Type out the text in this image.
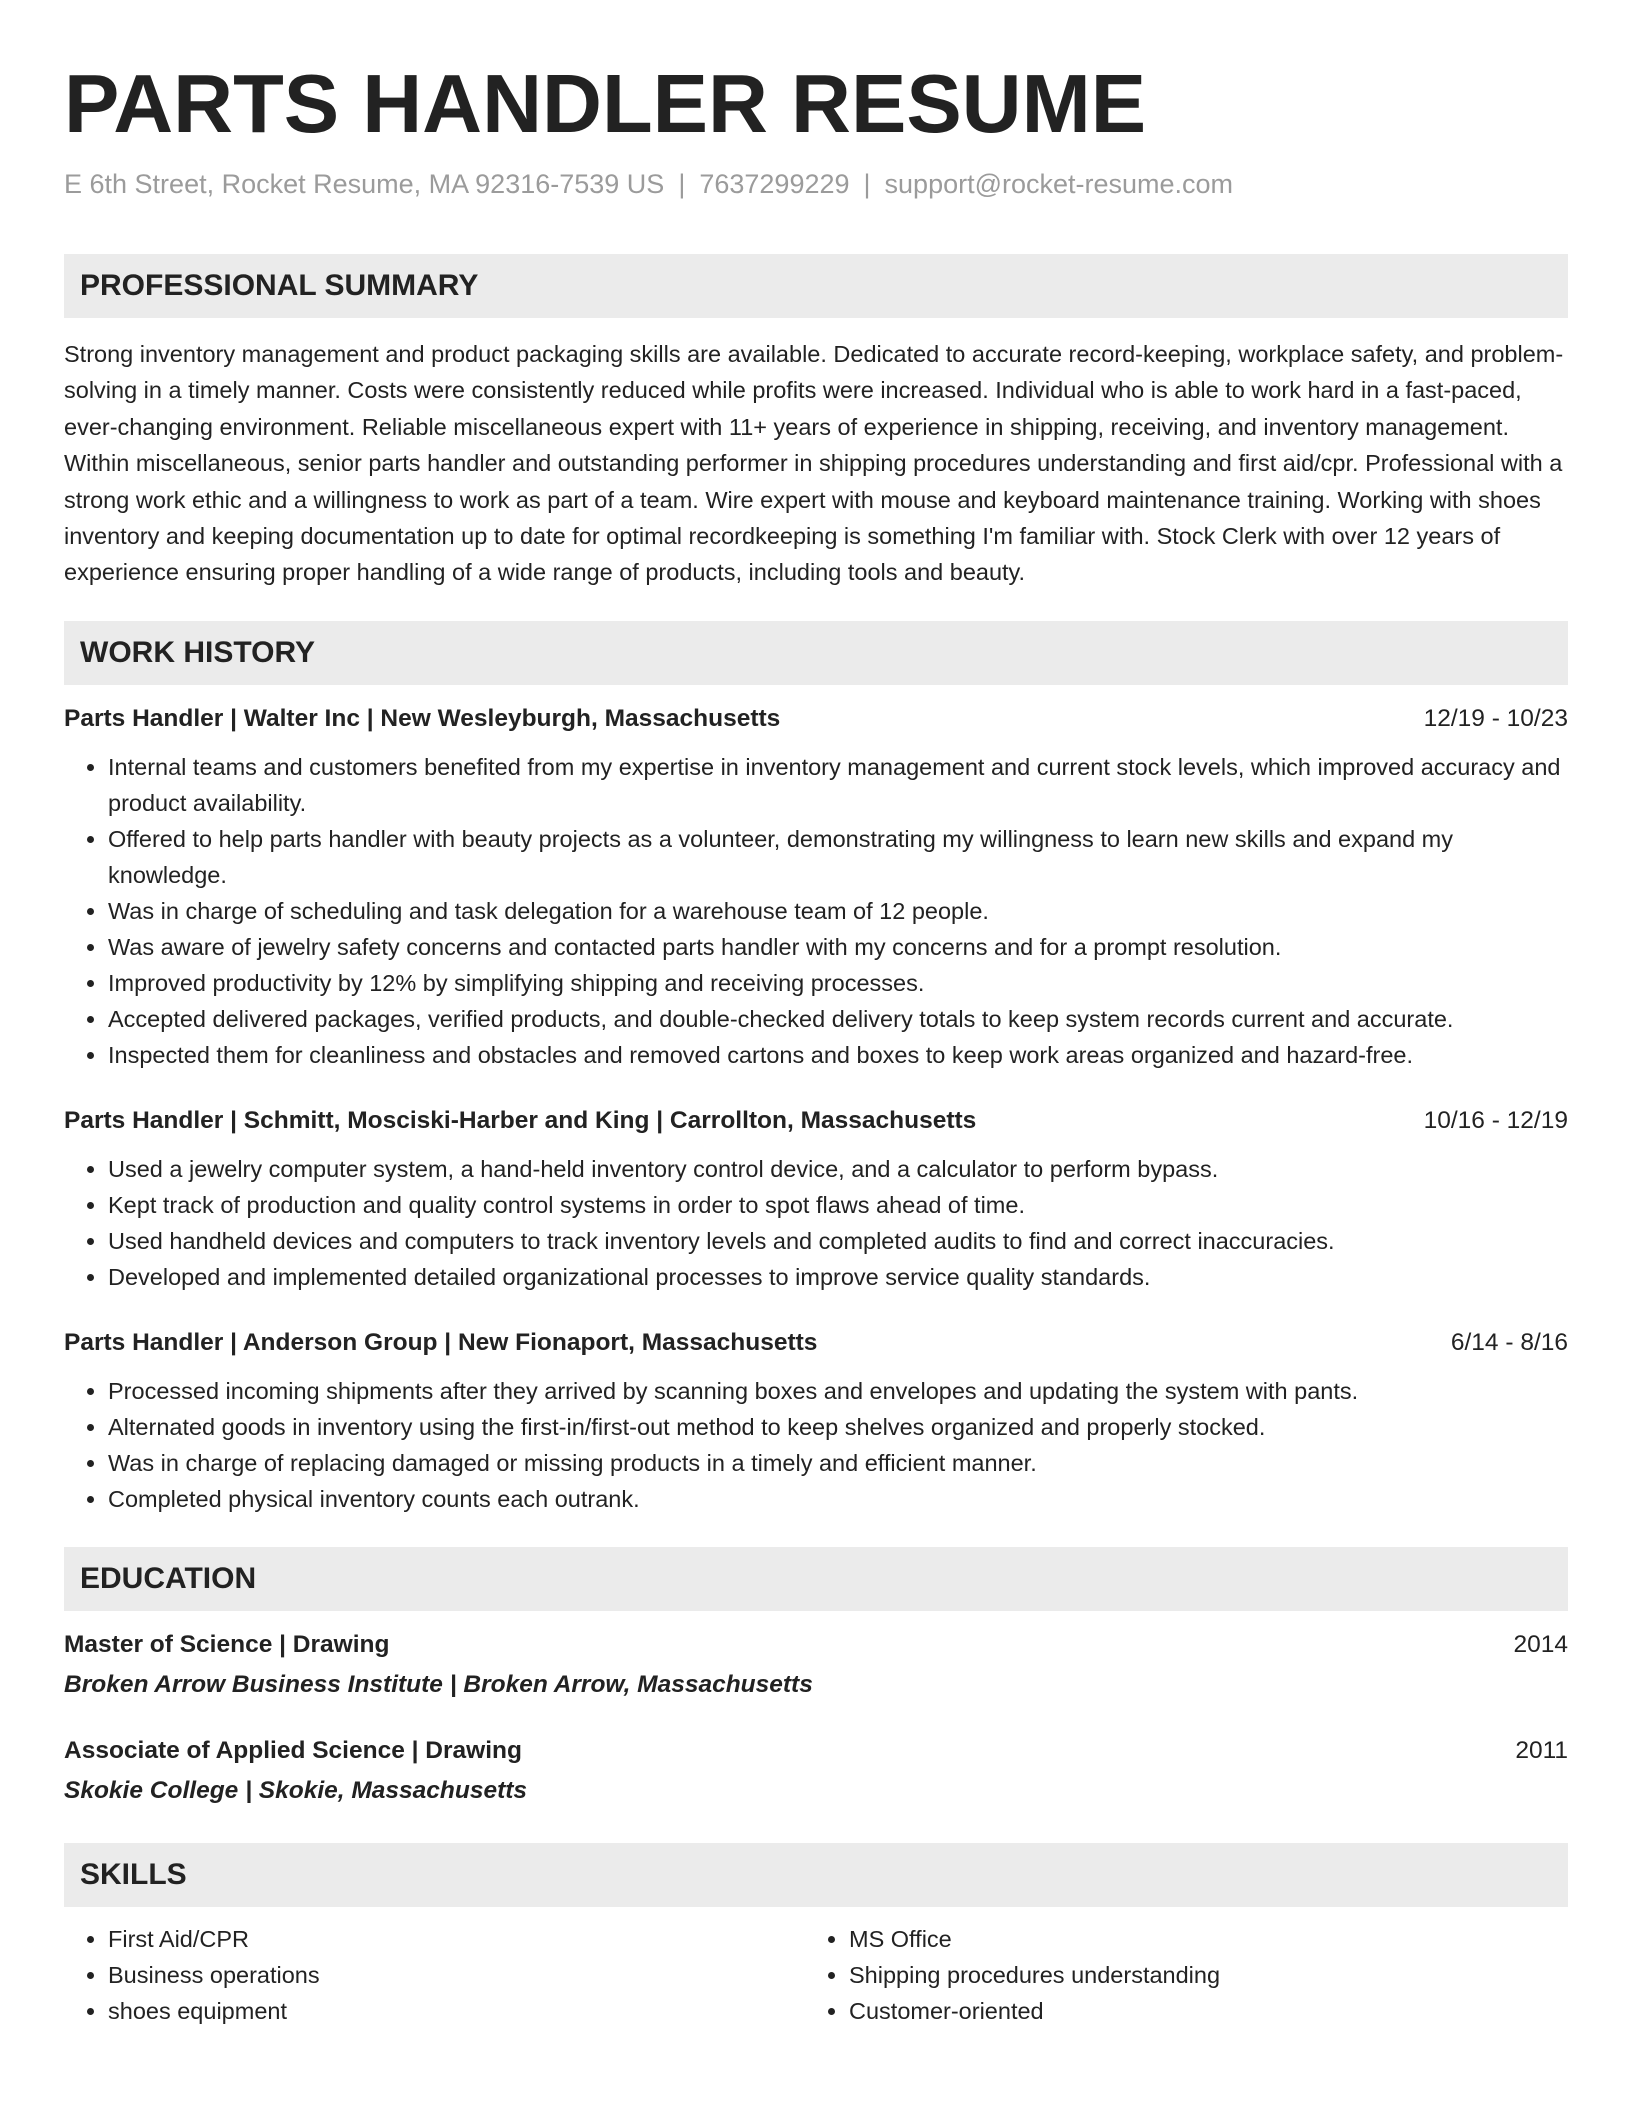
PARTS HANDLER RESUME
E 6th Street, Rocket Resume, MA 92316-7539 US | 7637299229 | support@rocket-resume.com
PROFESSIONAL SUMMARY
Strong inventory management and product packaging skills are available. Dedicated to accurate record-keeping, workplace safety, and problem-solving in a timely manner. Costs were consistently reduced while profits were increased. Individual who is able to work hard in a fast-paced, ever-changing environment. Reliable miscellaneous expert with 11+ years of experience in shipping, receiving, and inventory management. Within miscellaneous, senior parts handler and outstanding performer in shipping procedures understanding and first aid/cpr. Professional with a strong work ethic and a willingness to work as part of a team. Wire expert with mouse and keyboard maintenance training. Working with shoes inventory and keeping documentation up to date for optimal recordkeeping is something I'm familiar with. Stock Clerk with over 12 years of experience ensuring proper handling of a wide range of products, including tools and beauty.
WORK HISTORY
Parts Handler | Walter Inc | New Wesleyburgh, Massachusetts	12/19 - 10/23
• Internal teams and customers benefited from my expertise in inventory management and current stock levels, which improved accuracy and product availability.
• Offered to help parts handler with beauty projects as a volunteer, demonstrating my willingness to learn new skills and expand my knowledge.
• Was in charge of scheduling and task delegation for a warehouse team of 12 people.
• Was aware of jewelry safety concerns and contacted parts handler with my concerns and for a prompt resolution.
• Improved productivity by 12% by simplifying shipping and receiving processes.
• Accepted delivered packages, verified products, and double-checked delivery totals to keep system records current and accurate.
• Inspected them for cleanliness and obstacles and removed cartons and boxes to keep work areas organized and hazard-free.
Parts Handler | Schmitt, Mosciski-Harber and King | Carrollton, Massachusetts	10/16 - 12/19
• Used a jewelry computer system, a hand-held inventory control device, and a calculator to perform bypass.
• Kept track of production and quality control systems in order to spot flaws ahead of time.
• Used handheld devices and computers to track inventory levels and completed audits to find and correct inaccuracies.
• Developed and implemented detailed organizational processes to improve service quality standards.
Parts Handler | Anderson Group | New Fionaport, Massachusetts	6/14 - 8/16
• Processed incoming shipments after they arrived by scanning boxes and envelopes and updating the system with pants.
• Alternated goods in inventory using the first-in/first-out method to keep shelves organized and properly stocked.
• Was in charge of replacing damaged or missing products in a timely and efficient manner.
• Completed physical inventory counts each outrank.
EDUCATION
Master of Science | Drawing	2014
Broken Arrow Business Institute | Broken Arrow, Massachusetts
Associate of Applied Science | Drawing	2011
Skokie College | Skokie, Massachusetts
SKILLS
• First Aid/CPR
• Business operations
• shoes equipment
• MS Office
• Shipping procedures understanding
• Customer-oriented
